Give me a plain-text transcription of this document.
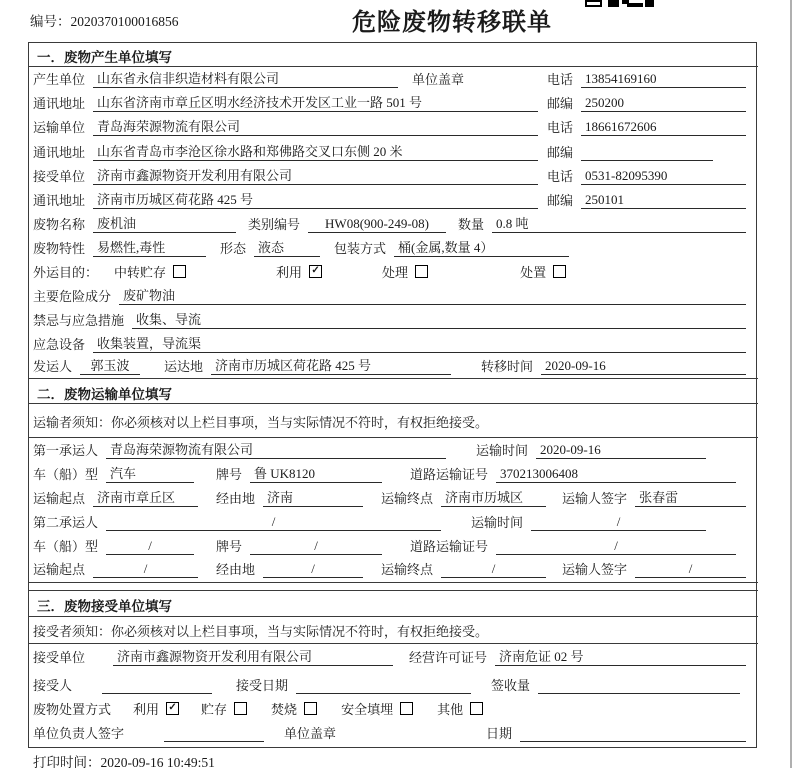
编号：2020370100016856	危险废物转移联单
一．废物产生单位填写
产生单位 山东省永信非织造材料有限公司	单位盖章	电话 13854169160
通讯地址 山东省济南市章丘区明水经济技术开发区工业一路 501 号	邮编 250200
运输单位 青岛海荣源物流有限公司	电话 18661672606
通讯地址 山东省青岛市李沧区徐水路和郑佛路交叉口东侧 20 米	邮编
接受单位 济南市鑫源物资开发利用有限公司	电话 0531-82095390
通讯地址 济南市历城区荷花路 425 号	邮编 250101
废物名称 废机油	类别编号	HW08(900-249-08)	数量 0.8 吨
废物特性 易燃性,毒性	形态 液态	包装方式 桶(金属,数量 4）
外运目的： 中转贮存	利用 ✓	处理	处置
主要危险成分 废矿物油
禁忌与应急措施 收集、导流
应急设备 收集装置，导流渠
发运人	郭玉波	运达地 济南市历城区荷花路 425 号	转移时间 2020-09-16
二．废物运输单位填写
运输者须知：你必须核对以上栏目事项，当与实际情况不符时，有权拒绝接受。
第一承运人 青岛海荣源物流有限公司	运输时间 2020-09-16
车（船）型 汽车	牌号 鲁 UK8120	道路运输证号 370213006408
运输起点 济南市章丘区	经由地 济南	运输终点 济南市历城区	运输人签字 张春雷
第二承运人	/	运输时间	/
车（船）型	/	牌号	/	道路运输证号	/
运输起点	/	经由地	/	运输终点	/	运输人签字	/
三．废物接受单位填写
接受者须知：你必须核对以上栏目事项，当与实际情况不符时，有权拒绝接受。
接受单位	济南市鑫源物资开发利用有限公司	经营许可证号 济南危证 02 号
接受人	接受日期	签收量
废物处置方式 利用 ✓ 贮存	焚烧	安全填埋	其他
单位负责人签字	单位盖章	日期
打印时间：2020-09-16 10:49:51
